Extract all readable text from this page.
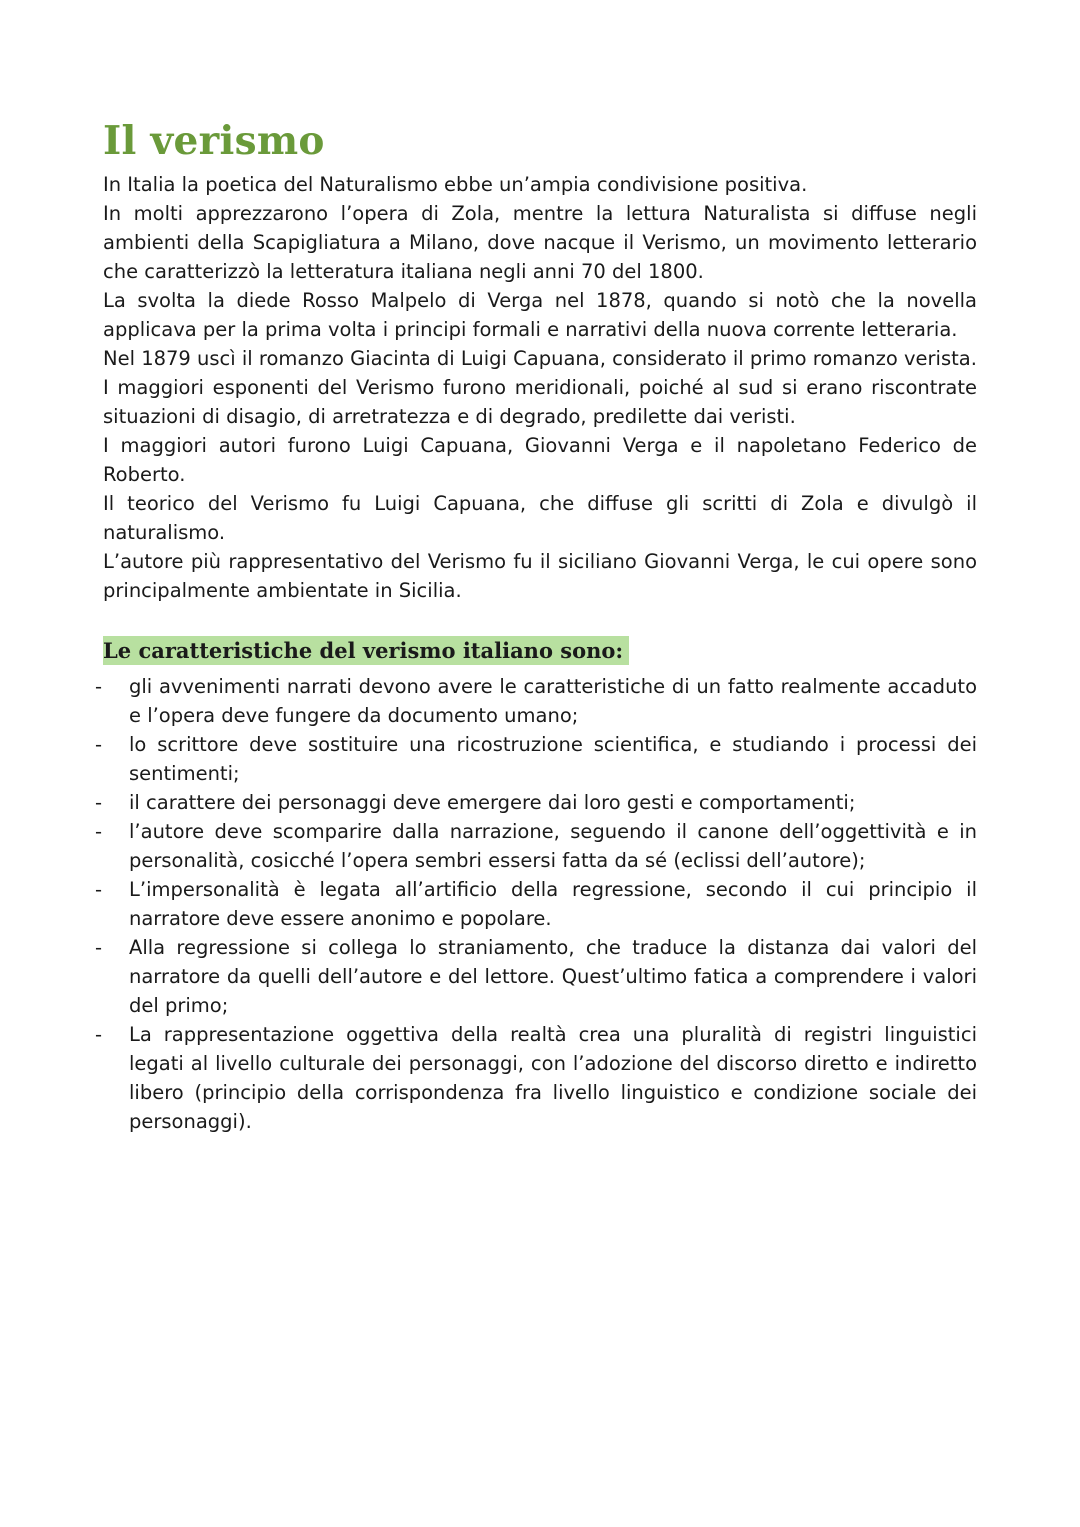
Il verismo

In Italia la poetica del Naturalismo ebbe un’ampia condivisione positiva.

In molti apprezzarono l’opera di Zola, mentre la lettura Naturalista si diffuse negli ambienti della Scapigliatura a Milano, dove nacque il Verismo, un movimento letterario che caratterizzò la letteratura italiana negli anni 70 del 1800.

La svolta la diede Rosso Malpelo di Verga nel 1878, quando si notò che la novella applicava per la prima volta i principi formali e narrativi della nuova corrente letteraria.

Nel 1879 uscì il romanzo Giacinta di Luigi Capuana, considerato il primo romanzo verista.

I maggiori esponenti del Verismo furono meridionali, poiché al sud si erano riscontrate situazioni di disagio, di arretratezza e di degrado, predilette dai veristi.

I maggiori autori furono Luigi Capuana, Giovanni Verga e il napoletano Federico de Roberto.

Il teorico del Verismo fu Luigi Capuana, che diffuse gli scritti di Zola e divulgò il naturalismo.

L’autore più rappresentativo del Verismo fu il siciliano Giovanni Verga, le cui opere sono principalmente ambientate in Sicilia.

Le caratteristiche del verismo italiano sono:

-	gli avvenimenti narrati devono avere le caratteristiche di un fatto realmente accaduto e l’opera deve fungere da documento umano;
-	lo scrittore deve sostituire una ricostruzione scientifica, e studiando i processi dei sentimenti;
-	il carattere dei personaggi deve emergere dai loro gesti e comportamenti;
-	l’autore deve scomparire dalla narrazione, seguendo il canone dell’oggettività e in personalità, cosicché l’opera sembri essersi fatta da sé (eclissi dell’autore);
-	L’impersonalità è legata all’artificio della regressione, secondo il cui principio il narratore deve essere anonimo e popolare.
-	Alla regressione si collega lo straniamento, che traduce la distanza dai valori del narratore da quelli dell’autore e del lettore. Quest’ultimo fatica a comprendere i valori del primo;
-	La rappresentazione oggettiva della realtà crea una pluralità di registri linguistici legati al livello culturale dei personaggi, con l’adozione del discorso diretto e indiretto libero (principio della corrispondenza fra livello linguistico e condizione sociale dei personaggi).
